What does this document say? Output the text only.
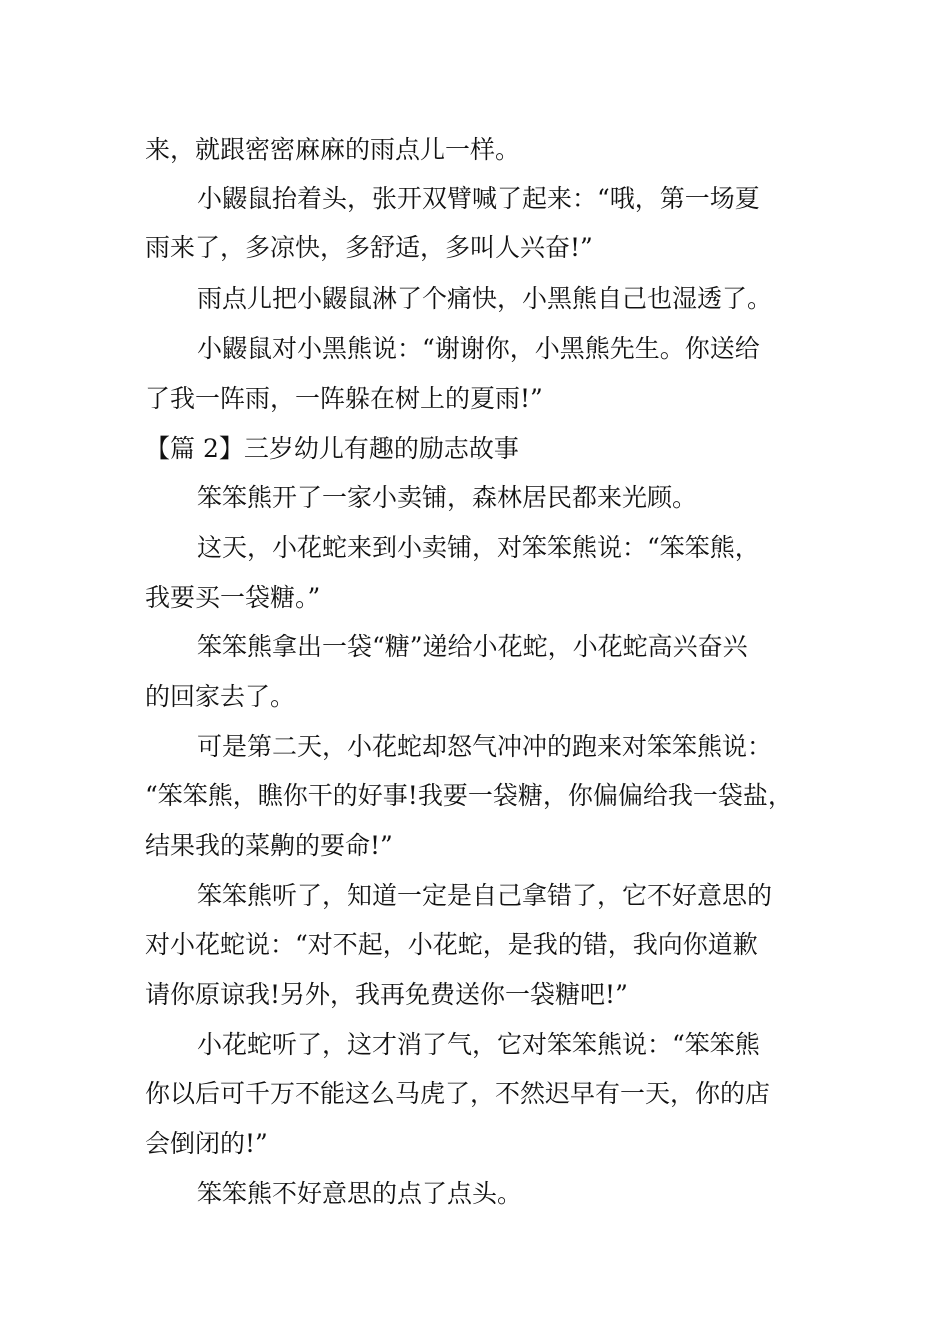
来，就跟密密麻麻的雨点儿一样。
小鼹鼠抬着头，张开双臂喊了起来：“哦，第一场夏
雨来了，多凉快，多舒适，多叫人兴奋!”
雨点儿把小鼹鼠淋了个痛快，小黑熊自己也湿透了。
小鼹鼠对小黑熊说：“谢谢你，小黑熊先生。你送给
了我一阵雨，一阵躲在树上的夏雨!”
【篇 2】三岁幼儿有趣的励志故事
笨笨熊开了一家小卖铺，森林居民都来光顾。
这天，小花蛇来到小卖铺，对笨笨熊说：“笨笨熊，
我要买一袋糖。”
笨笨熊拿出一袋“糖”递给小花蛇，小花蛇高兴奋兴
的回家去了。
可是第二天，小花蛇却怒气冲冲的跑来对笨笨熊说：
“笨笨熊，瞧你干的好事!我要一袋糖，你偏偏给我一袋盐，
结果我的菜齁的要命!”
笨笨熊听了，知道一定是自己拿错了，它不好意思的
对小花蛇说：“对不起，小花蛇，是我的错，我向你道歉
请你原谅我!另外，我再免费送你一袋糖吧!”
小花蛇听了，这才消了气，它对笨笨熊说：“笨笨熊
你以后可千万不能这么马虎了，不然迟早有一天，你的店
会倒闭的!”
笨笨熊不好意思的点了点头。
